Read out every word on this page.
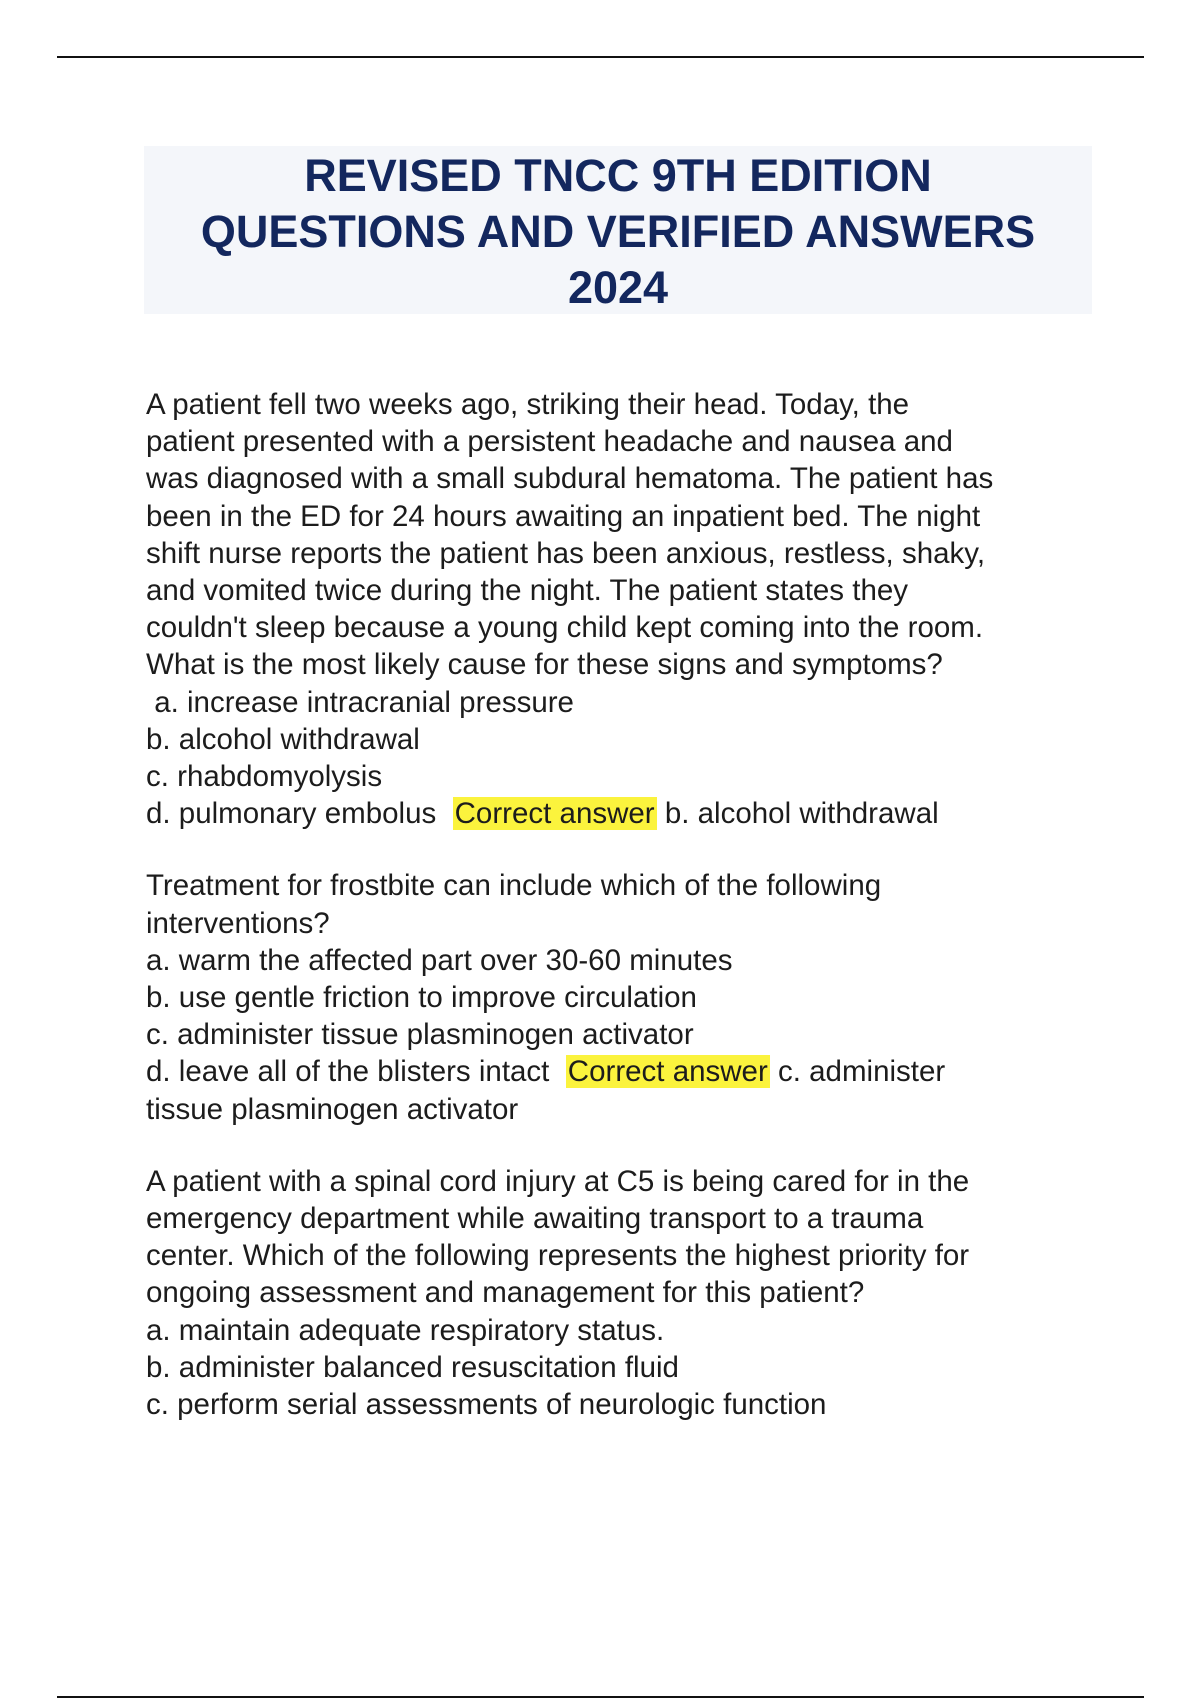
REVISED TNCC 9TH EDITION
QUESTIONS AND VERIFIED ANSWERS
2024
A patient fell two weeks ago, striking their head. Today, the
patient presented with a persistent headache and nausea and
was diagnosed with a small subdural hematoma. The patient has
been in the ED for 24 hours awaiting an inpatient bed. The night
shift nurse reports the patient has been anxious, restless, shaky,
and vomited twice during the night. The patient states they
couldn't sleep because a young child kept coming into the room.
What is the most likely cause for these signs and symptoms?
a. increase intracranial pressure
b. alcohol withdrawal
c. rhabdomyolysis
d. pulmonary embolus  Correct answer b. alcohol withdrawal
Treatment for frostbite can include which of the following
interventions?
a. warm the affected part over 30-60 minutes
b. use gentle friction to improve circulation
c. administer tissue plasminogen activator
d. leave all of the blisters intact  Correct answer c. administer
tissue plasminogen activator
A patient with a spinal cord injury at C5 is being cared for in the
emergency department while awaiting transport to a trauma
center. Which of the following represents the highest priority for
ongoing assessment and management for this patient?
a. maintain adequate respiratory status.
b. administer balanced resuscitation fluid
c. perform serial assessments of neurologic function
